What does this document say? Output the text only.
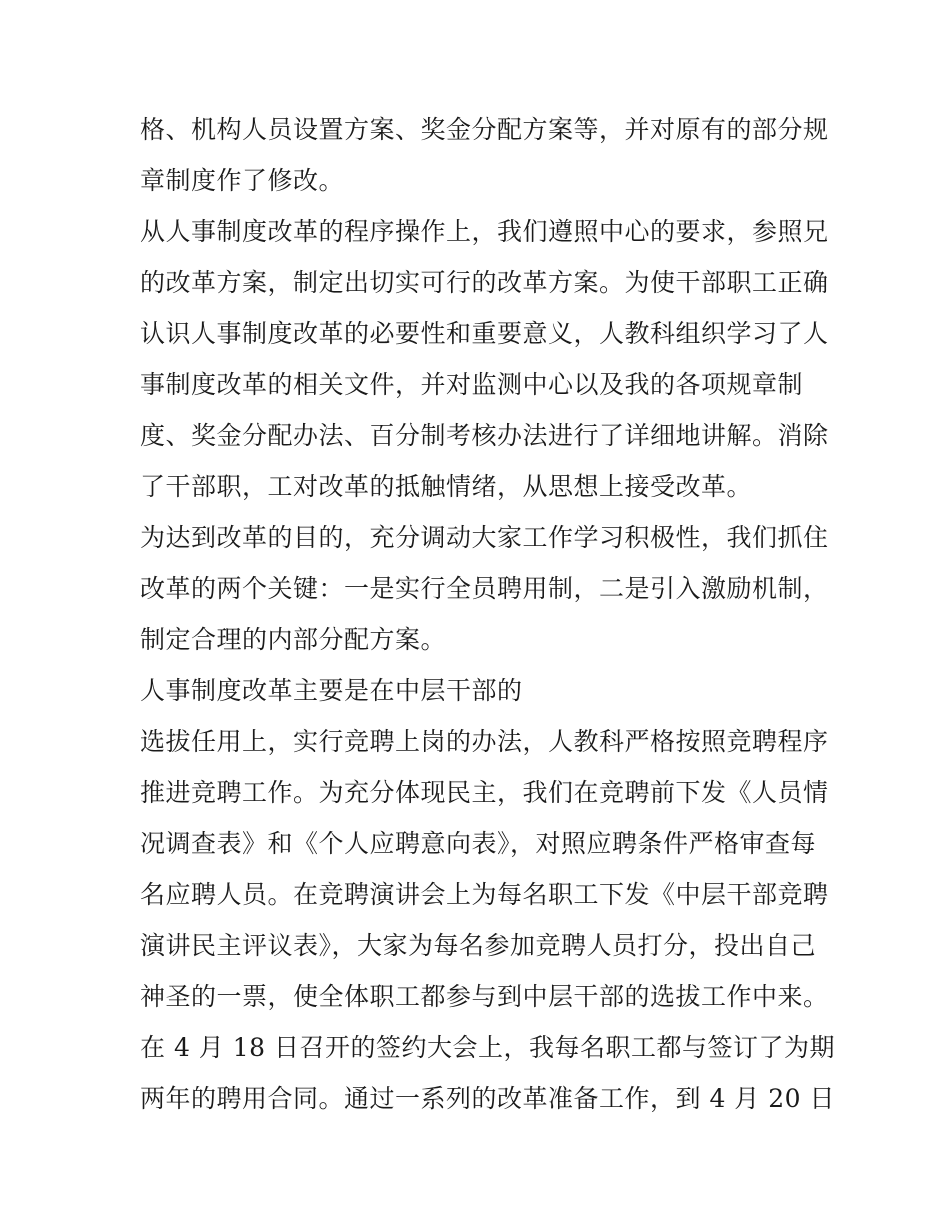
格、机构人员设置方案、奖金分配方案等，并对原有的部分规
章制度作了修改。
从人事制度改革的程序操作上，我们遵照中心的要求，参照兄
的改革方案，制定出切实可行的改革方案。为使干部职工正确
认识人事制度改革的必要性和重要意义，人教科组织学习了人
事制度改革的相关文件，并对监测中心以及我的各项规章制
度、奖金分配办法、百分制考核办法进行了详细地讲解。消除
了干部职，工对改革的抵触情绪，从思想上接受改革。
为达到改革的目的，充分调动大家工作学习积极性，我们抓住
改革的两个关键：一是实行全员聘用制，二是引入激励机制，
制定合理的内部分配方案。
人事制度改革主要是在中层干部的
选拔任用上，实行竞聘上岗的办法，人教科严格按照竞聘程序
推进竞聘工作。为充分体现民主，我们在竞聘前下发《人员情
况调查表》和《个人应聘意向表》，对照应聘条件严格审查每
名应聘人员。在竞聘演讲会上为每名职工下发《中层干部竞聘
演讲民主评议表》，大家为每名参加竞聘人员打分，投出自己
神圣的一票，使全体职工都参与到中层干部的选拔工作中来。
在 4 月 18 日召开的签约大会上，我每名职工都与签订了为期
两年的聘用合同。通过一系列的改革准备工作，到 4 月 20 日
